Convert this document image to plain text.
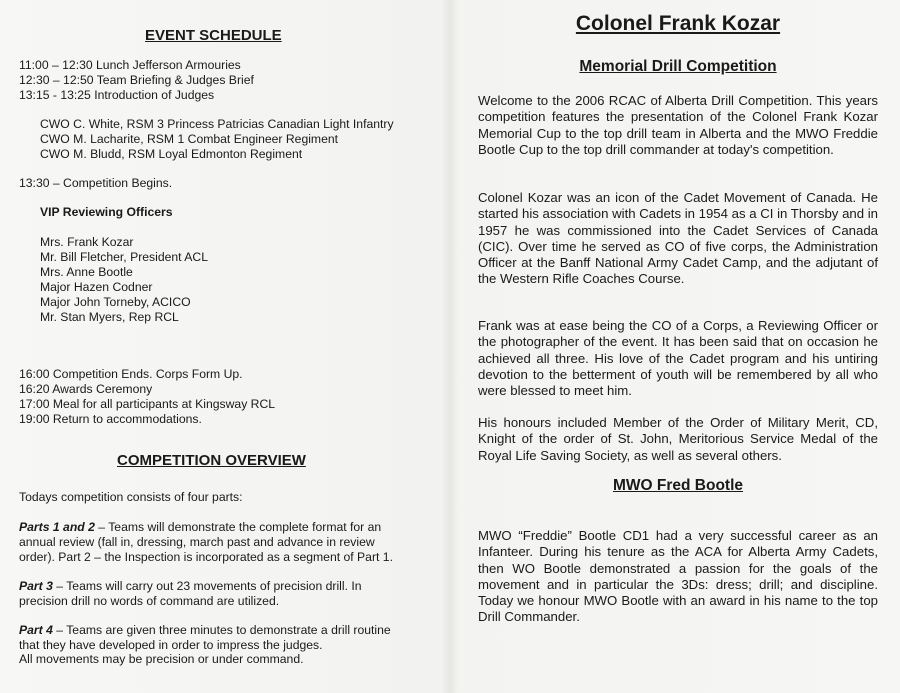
EVENT SCHEDULE

11:00 – 12:30 Lunch Jefferson Armouries

12:30 – 12:50 Team Briefing & Judges Brief

13:15 - 13:25 Introduction of Judges

CWO C. White, RSM 3 Princess Patricias Canadian Light Infantry

CWO M. Lacharite, RSM 1 Combat Engineer Regiment

CWO M. Bludd, RSM Loyal Edmonton Regiment

13:30 – Competition Begins.

VIP Reviewing Officers

Mrs. Frank Kozar

Mr. Bill Fletcher, President ACL

Mrs. Anne Bootle

Major Hazen Codner

Major John Torneby, ACICO

Mr. Stan Myers, Rep RCL

16:00 Competition Ends. Corps Form Up.

16:20 Awards Ceremony

17:00 Meal for all participants at Kingsway RCL

19:00 Return to accommodations.

COMPETITION OVERVIEW

Todays competition consists of four parts:

Parts 1 and 2 – Teams will demonstrate the complete format for an annual review (fall in, dressing, march past and advance in review order). Part 2 – the Inspection is incorporated as a segment of Part 1.

Part 3 – Teams will carry out 23 movements of precision drill. In precision drill no words of command are utilized.

Part 4 – Teams are given three minutes to demonstrate a drill routine that they have developed in order to impress the judges.

All movements may be precision or under command.

Colonel Frank Kozar
Memorial Drill Competition

Welcome to the 2006 RCAC of Alberta Drill Competition. This years competition features the presentation of the Colonel Frank Kozar Memorial Cup to the top drill team in Alberta and the MWO Freddie Bootle Cup to the top drill commander at today's competition.

Colonel Kozar was an icon of the Cadet Movement of Canada. He started his association with Cadets in 1954 as a CI in Thorsby and in 1957 he was commissioned into the Cadet Services of Canada (CIC). Over time he served as CO of five corps, the Administration Officer at the Banff National Army Cadet Camp, and the adjutant of the Western Rifle Coaches Course.

Frank was at ease being the CO of a Corps, a Reviewing Officer or the photographer of the event. It has been said that on occasion he achieved all three. His love of the Cadet program and his untiring devotion to the betterment of youth will be remembered by all who were blessed to meet him.

His honours included Member of the Order of Military Merit, CD, Knight of the order of St. John, Meritorious Service Medal of the Royal Life Saving Society, as well as several others.

MWO Fred Bootle

MWO “Freddie” Bootle CD1 had a very successful career as an Infanteer. During his tenure as the ACA for Alberta Army Cadets, then WO Bootle demonstrated a passion for the goals of the movement and in particular the 3Ds: dress; drill; and discipline. Today we honour MWO Bootle with an award in his name to the top Drill Commander.
